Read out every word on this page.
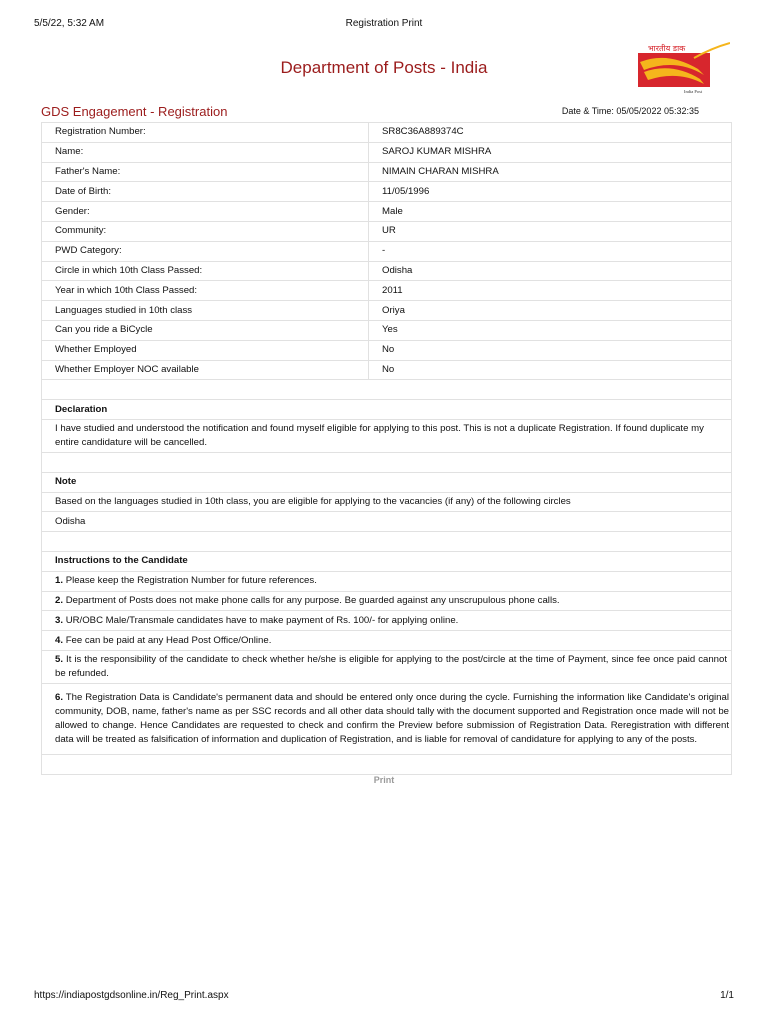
5/5/22, 5:32 AM	Registration Print
Department of Posts - India
भारतीय डाक
India Post
GDS Engagement - Registration	Date & Time: 05/05/2022 05:32:35
Registration Number:	SR8C36A889374C
Name:	SAROJ KUMAR MISHRA
Father's Name:	NIMAIN CHARAN MISHRA
Date of Birth:	11/05/1996
Gender:	Male
Community:	UR
PWD Category:	-
Circle in which 10th Class Passed:	Odisha
Year in which 10th Class Passed:	2011
Languages studied in 10th class	Oriya
Can you ride a BiCycle	Yes
Whether Employed	No
Whether Employer NOC available	No

Declaration	
I have studied and understood the notification and found myself eligible for applying to this post. This is not a duplicate Registration. If found duplicate my entire candidature will be cancelled.	

Note	
Based on the languages studied in 10th class, you are eligible for applying to the vacancies (if any) of the following circles	
Odisha	

Instructions to the Candidate	
1. Please keep the Registration Number for future references.	
2. Department of Posts does not make phone calls for any purpose. Be guarded against any unscrupulous phone calls.	
3. UR/OBC Male/Transmale candidates have to make payment of Rs. 100/- for applying online.	
4. Fee can be paid at any Head Post Office/Online.	
5. It is the responsibility of the candidate to check whether he/she is eligible for applying to the post/circle at the time of Payment, since fee once paid cannot be refunded.	
6. The Registration Data is Candidate's permanent data and should be entered only once during the cycle. Furnishing the information like Candidate's original community, DOB, name, father's name as per SSC records and all other data should tally with the document supported and Registration once made will not be allowed to change. Hence Candidates are requested to check and confirm the Preview before submission of Registration Data. Reregistration with different data will be treated as falsification of information and duplication of Registration, and is liable for removal of candidature for applying to any of the posts.	

Print
https://indiapostgdsonline.in/Reg_Print.aspx	1/1
